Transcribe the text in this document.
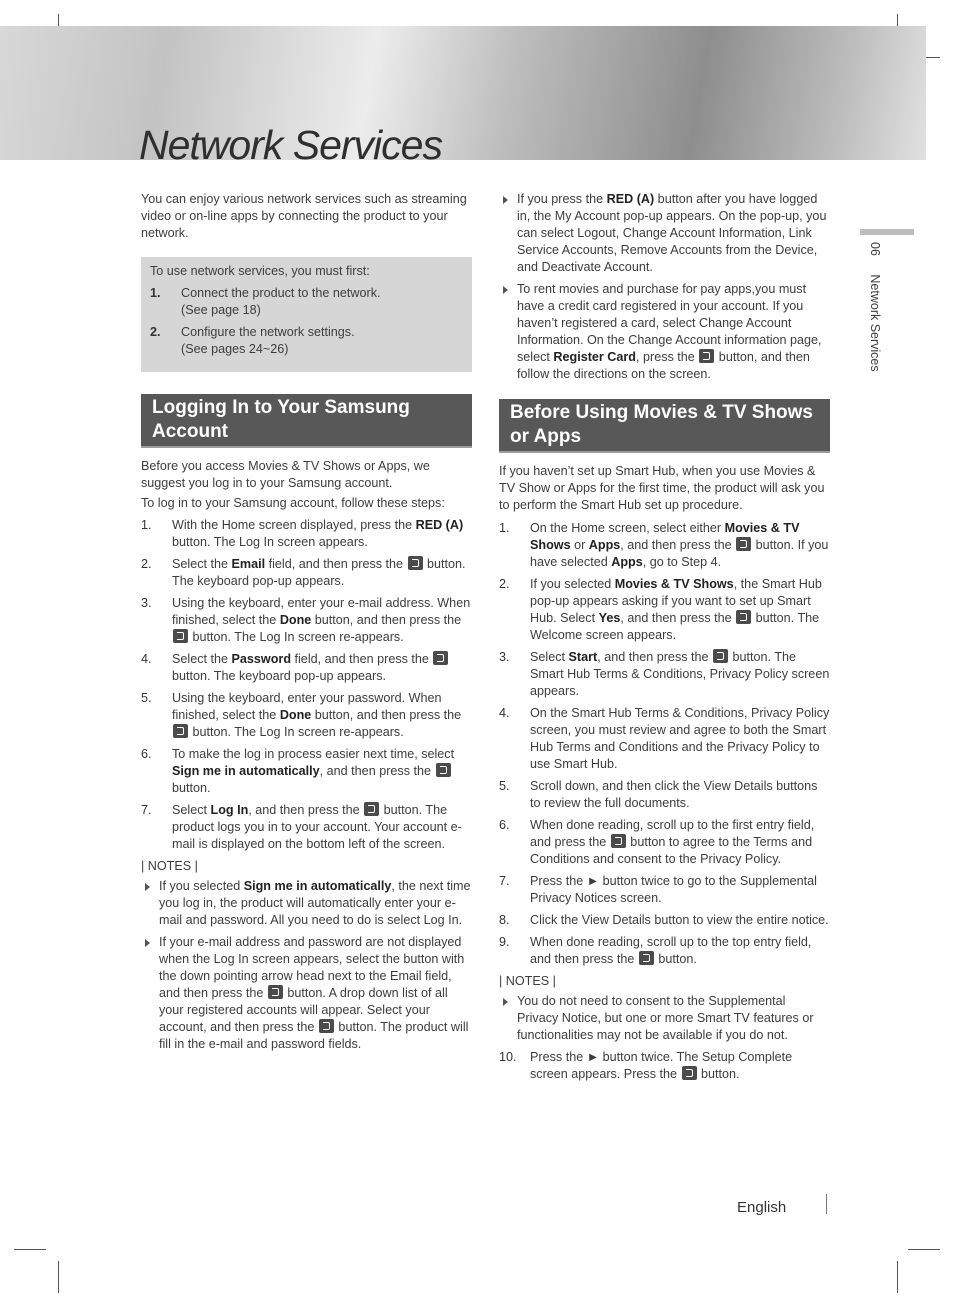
Network Services

You can enjoy various network services such as streaming video or on-line apps by connecting the product to your network.

To use network services, you must first:
1. Connect the product to the network.
(See page 18)
2. Configure the network settings.
(See pages 24~26)
Logging In to Your Samsung Account

Before you access Movies & TV Shows or Apps, we suggest you log in to your Samsung account.

To log in to your Samsung account, follow these steps:

1. With the Home screen displayed, press the RED (A) button. The Log In screen appears.
2. Select the Email field, and then press the  button. The keyboard pop-up appears.
3. Using the keyboard, enter your e-mail address. When finished, select the Done button, and then press the  button. The Log In screen re-appears.
4. Select the Password field, and then press the  button. The keyboard pop-up appears.
5. Using the keyboard, enter your password. When finished, select the Done button, and then press the  button. The Log In screen re-appears.
6. To make the log in process easier next time, select Sign me in automatically, and then press the  button.
7. Select Log In, and then press the  button. The product logs you in to your account. Your account e-mail is displayed on the bottom left of the screen.

| NOTES |

If you selected Sign me in automatically, the next time you log in, the product will automatically enter your e-mail and password. All you need to do is select Log In.
If your e-mail address and password are not displayed when the Log In screen appears, select the button with the down pointing arrow head next to the Email field, and then press the  button. A drop down list of all your registered accounts will appear. Select your account, and then press the  button. The product will fill in the e-mail and password fields.
If you press the RED (A) button after you have logged in, the My Account pop-up appears. On the pop-up, you can select Logout, Change Account Information, Link Service Accounts, Remove Accounts from the Device, and Deactivate Account.
To rent movies and purchase for pay apps,you must have a credit card registered in your account. If you haven’t registered a card, select Change Account Information. On the Change Account information page, select Register Card, press the  button, and then follow the directions on the screen.
Before Using Movies & TV Shows or Apps

If you haven’t set up Smart Hub, when you use Movies & TV Show or Apps for the first time, the product will ask you to perform the Smart Hub set up procedure.

1. On the Home screen, select either Movies & TV Shows or Apps, and then press the  button. If you have selected Apps, go to Step 4.
2. If you selected Movies & TV Shows, the Smart Hub pop-up appears asking if you want to set up Smart Hub. Select Yes, and then press the  button. The Welcome screen appears.
3. Select Start, and then press the  button. The Smart Hub Terms & Conditions, Privacy Policy screen appears.
4. On the Smart Hub Terms & Conditions, Privacy Policy screen, you must review and agree to both the Smart Hub Terms and Conditions and the Privacy Policy to use Smart Hub.
5. Scroll down, and then click the View Details buttons to review the full documents.
6. When done reading, scroll up to the first entry field, and press the  button to agree to the Terms and Conditions and consent to the Privacy Policy.
7. Press the ► button twice to go to the Supplemental Privacy Notices screen.
8. Click the View Details button to view the entire notice.
9. When done reading, scroll up to the top entry field, and then press the  button.

| NOTES |

You do not need to consent to the Supplemental Privacy Notice, but one or more Smart TV features or functionalities may not be available if you do not.
10. Press the ► button twice. The Setup Complete screen appears. Press the  button.
06 Network Services
English
